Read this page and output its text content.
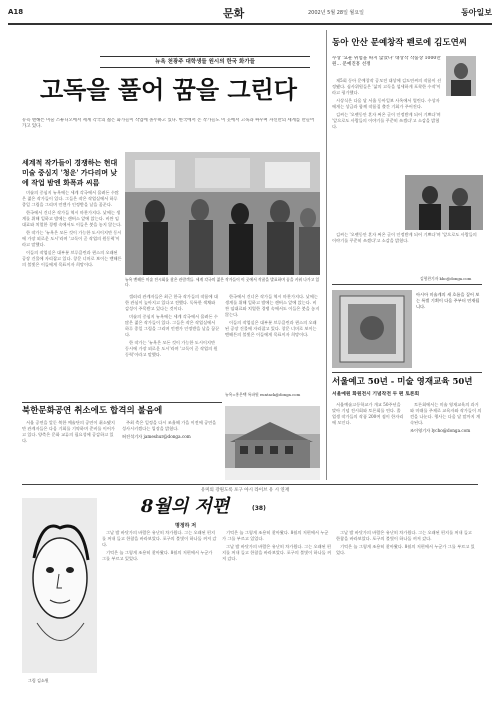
A18	문화	2002년 5월 28일 월요일	동아일보
뉴욕 천광주 대학생들 원시의 한국 화가들
고독을 풀어 꿈을 그린다
뉴욕 맨해튼 미술 스튜디오에서 세계 각국의 젊은 화가들이 작업에 몰두하고 있다. 한국에서 온 작가들도 이 곳에서 고독과 싸우며 자신만의 세계를 만들어 가고 있다.
세계적 작가들이 경쟁하는 현대미술 중심지 '청운' 가다리며 낮에 작업 밤엔 화폭과 씨름

미술의 중심지 뉴욕에는 세계 각국에서 몰려든 수많은 젊은 작가들이 있다. 그들은 작은 작업실에서 하루 종일 그림을 그리며 언젠가 인정받을 날을 꿈꾼다.

한국에서 건너온 작가들 역시 마찬가지다. 낮에는 생계를 위해 일하고 밤에는 캔버스 앞에 앉는다. 비싼 임대료와 치열한 경쟁 속에서도 이들은 붓을 놓지 않는다.

한 작가는 '뉴욕은 모든 것이 가능한 도시이지만 동시에 가장 외로운 도시'라며 '고독이 곧 작업의 원동력'이라고 말했다.

이들의 작업실은 대부분 브루클린과 퀸스의 오래된 공장 건물에 자리잡고 있다. 창문 너머로 보이는 맨해튼의 불빛은 이들에게 목표이자 희망이다.

뉴욕 맨해튼 미술 전시회를 찾은 관람객들. 세계 각국의 젊은 작가들이 이 곳에서 작품을 발표하며 꿈을 키워 나가고 있다.

갤러리 관계자들은 최근 한국 작가들의 작품에 대한 관심이 높아지고 있다고 전했다. 독특한 색채와 감성이 주목받고 있다는 것이다.

미술의 중심지 뉴욕에는 세계 각국에서 몰려든 수많은 젊은 작가들이 있다. 그들은 작은 작업실에서 하루 종일 그림을 그리며 언젠가 인정받을 날을 꿈꾼다.

한 작가는 '뉴욕은 모든 것이 가능한 도시이지만 동시에 가장 외로운 도시'라며 '고독이 곧 작업의 원동력'이라고 말했다.

한국에서 건너온 작가들 역시 마찬가지다. 낮에는 생계를 위해 일하고 밤에는 캔버스 앞에 앉는다. 비싼 임대료와 치열한 경쟁 속에서도 이들은 붓을 놓지 않는다.

이들의 작업실은 대부분 브루클린과 퀸스의 오래된 공장 건물에 자리잡고 있다. 창문 너머로 보이는 맨해튼의 불빛은 이들에게 목표이자 희망이다.

뉴욕=홍은택 특파원 euntack@donga.com
북한문화공연 취소에도 합격의 불음에

서울 공연을 앞둔 북한 예술단의 공연이 취소됐지만 관계자들은 다음 기회를 기약하며 준비를 이어가고 있다. 양측은 문화 교류의 필요성에 공감하고 있다.

주최 측은 일정을 다시 조율해 가을 이전에 공연을 성사시키겠다는 입장을 밝혔다.

허진석기자 jameshur@donga.com

유미의 강원도록 포구 아시 라이브 유 시 연재
8월의 저편	(38)
명정하 저
그림 김소원

그날 밤 바닷가의 바람은 유난히 차가웠다. 그는 오래된 편지를 꺼내 들고 한참을 바라보았다. 포구의 불빛이 하나둘 꺼져 갔다.

기억은 늘 그렇게 조용히 찾아왔다. 8월의 저편에서 누군가 그를 부르고 있었다.

기억은 늘 그렇게 조용히 찾아왔다. 8월의 저편에서 누군가 그를 부르고 있었다.

그날 밤 바닷가의 바람은 유난히 차가웠다. 그는 오래된 편지를 꺼내 들고 한참을 바라보았다. 포구의 불빛이 하나둘 꺼져 갔다.

그날 밤 바닷가의 바람은 유난히 차가웠다. 그는 오래된 편지를 꺼내 들고 한참을 바라보았다. 포구의 불빛이 하나둘 꺼져 갔다.

기억은 늘 그렇게 조용히 찾아왔다. 8월의 저편에서 누군가 그를 부르고 있었다.

동아 안산 문예창작 펜로에 김도연씨
수상 '요운 위험을 따지 않았다' 대상작 작품상 1000만원… 문예진흥 선정

제5회 동아 문예창작 공모전 대상에 김도연씨의 작품이 선정됐다. 심사위원들은 '삶의 고독을 섬세하게 포착한 수작'이라고 평가했다.

시상식은 다음 달 서울 동아일보 사옥에서 열린다. 수상자에게는 상금과 함께 작품집 출간 기회가 주어진다.

김씨는 '오랫동안 혼자 써온 글이 인정받게 되어 기쁘다'며 '앞으로도 사람들의 이야기를 꾸준히 쓰겠다'고 소감을 밝혔다.

김씨는 '오랫동안 혼자 써온 글이 인정받게 되어 기쁘다'며 '앞으로도 사람들의 이야기를 꾸준히 쓰겠다'고 소감을 밝혔다.

김형찬기자 khc@donga.com
아시아 미술계의 새 흐름을 짚어 보는 특별 기획이 다음 주부터 연재됩니다.
서울예고 50년 - 미술 영재교육 50년
서울예원 화원전시 기념작전 두 편 토론회

서울예술고등학교가 개교 50주년을 맞아 기념 전시회와 토론회를 연다. 졸업생 작가들의 작품 200여 점이 한자리에 모인다.

토론회에서는 미술 영재교육의 과거와 미래를 주제로 교육자와 작가들이 의견을 나눈다. 행사는 다음 달 말까지 계속된다.

조이영기자 lycho@donga.com
